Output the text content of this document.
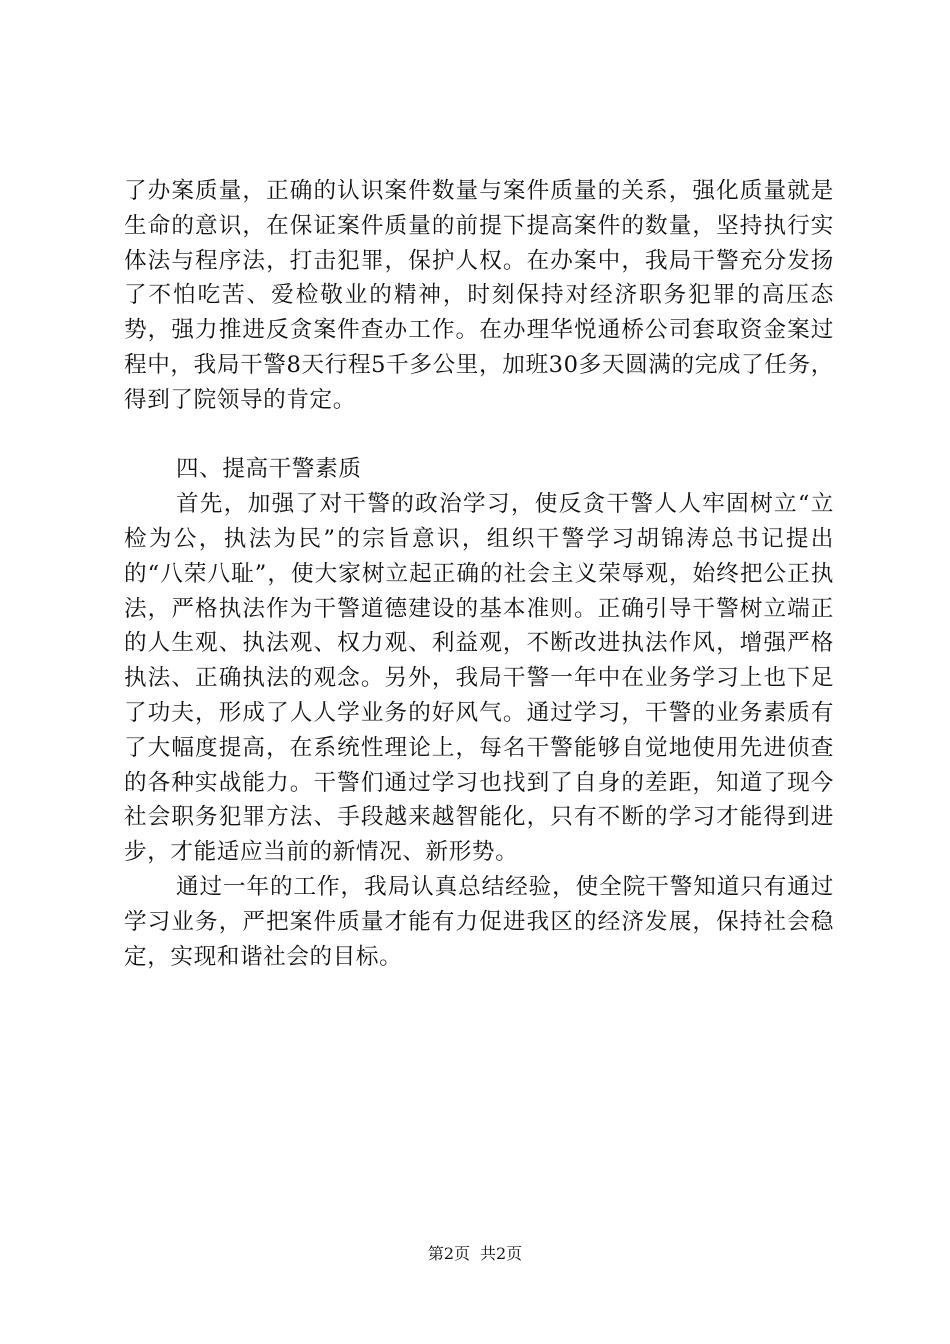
了办案质量，正确的认识案件数量与案件质量的关系，强化质量就是生命的意识，在保证案件质量的前提下提高案件的数量，坚持执行实体法与程序法，打击犯罪，保护人权。在办案中，我局干警充分发扬了不怕吃苦、爱检敬业的精神，时刻保持对经济职务犯罪的高压态势，强力推进反贪案件查办工作。在办理华悦通桥公司套取资金案过程中，我局干警8天行程5千多公里，加班30多天圆满的完成了任务，得到了院领导的肯定。

四、提高干警素质

首先，加强了对干警的政治学习，使反贪干警人人牢固树立“立检为公，执法为民”的宗旨意识，组织干警学习胡锦涛总书记提出的“八荣八耻”，使大家树立起正确的社会主义荣辱观，始终把公正执法，严格执法作为干警道德建设的基本准则。正确引导干警树立端正的人生观、执法观、权力观、利益观，不断改进执法作风，增强严格执法、正确执法的观念。另外，我局干警一年中在业务学习上也下足了功夫，形成了人人学业务的好风气。通过学习，干警的业务素质有了大幅度提高，在系统性理论上，每名干警能够自觉地使用先进侦查的各种实战能力。干警们通过学习也找到了自身的差距，知道了现今社会职务犯罪方法、手段越来越智能化，只有不断的学习才能得到进步，才能适应当前的新情况、新形势。

通过一年的工作，我局认真总结经验，使全院干警知道只有通过学习业务，严把案件质量才能有力促进我区的经济发展，保持社会稳定，实现和谐社会的目标。

第2页 共2页
